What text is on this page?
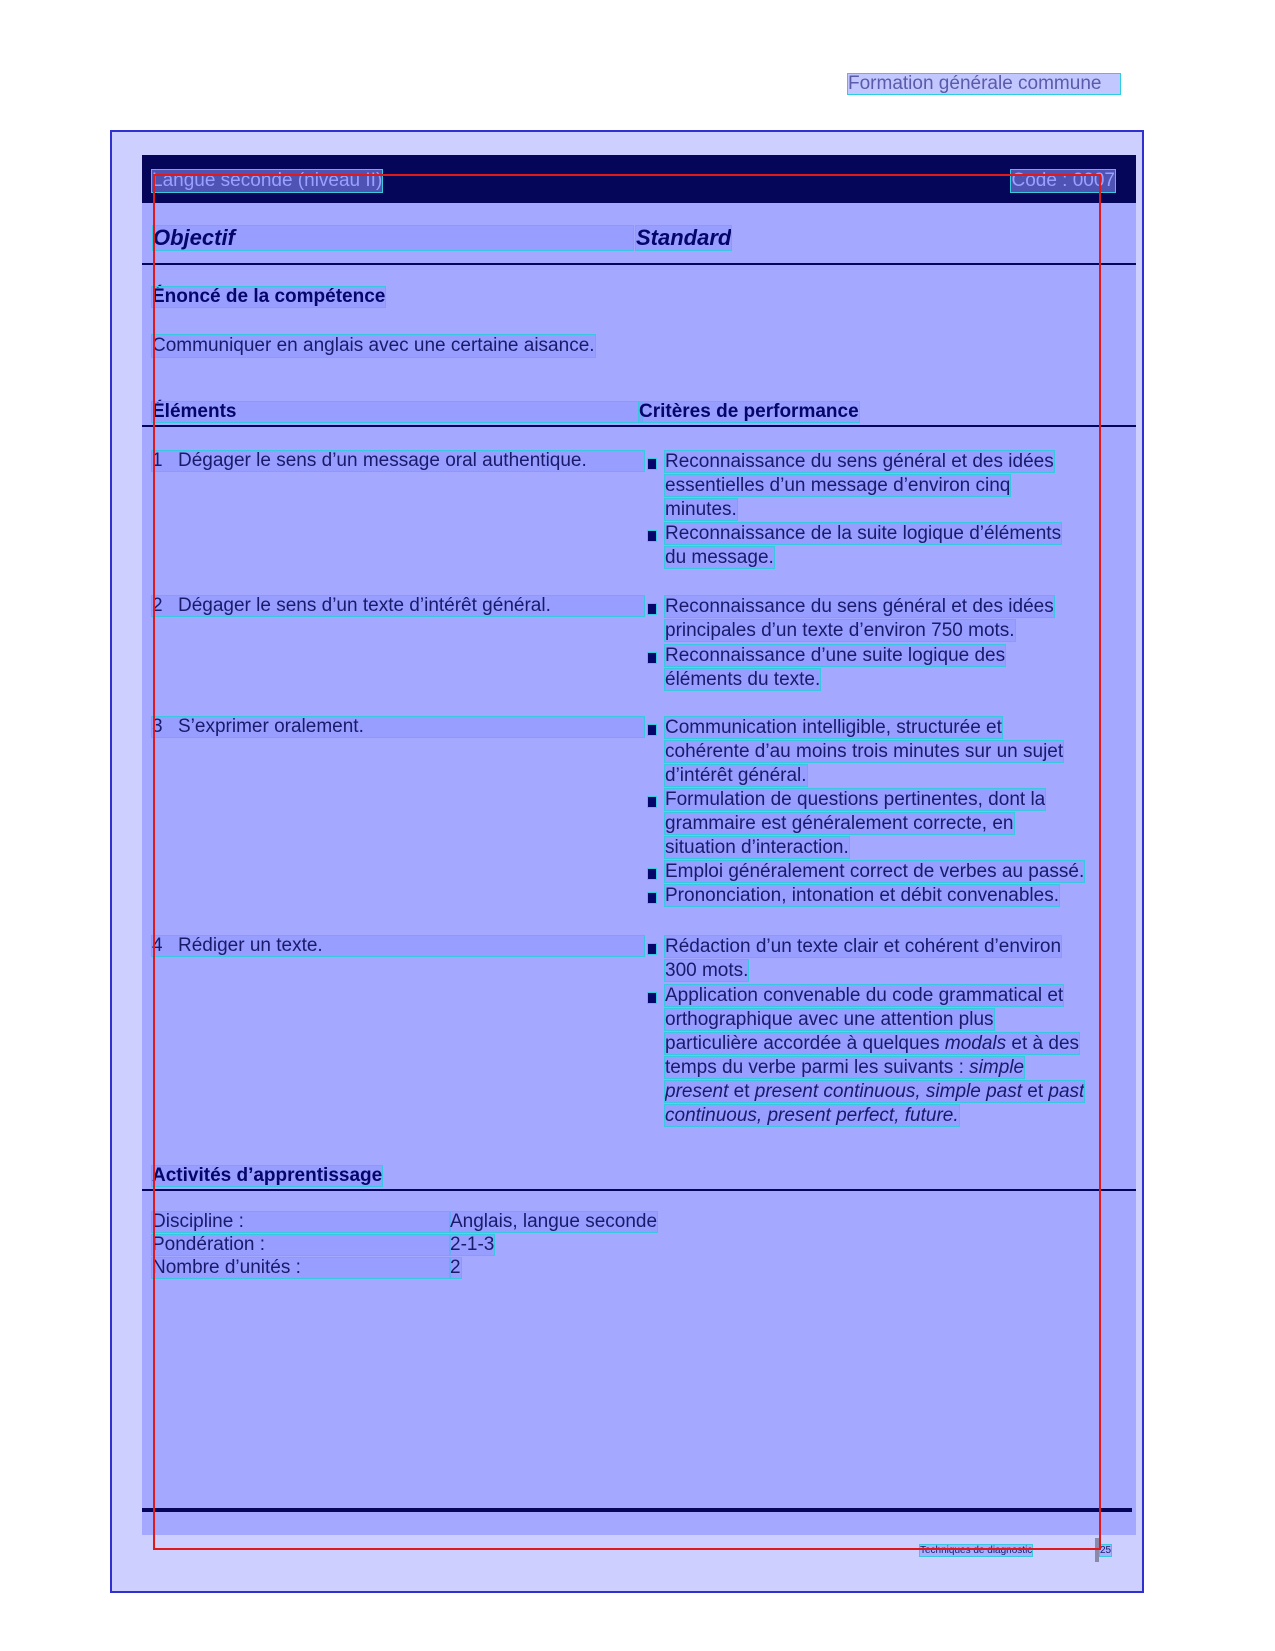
Formation générale commune
Langue seconde (niveau II)	Code : 0007
Objectif	Standard
Énoncé de la compétence
Communiquer en anglais avec une certaine aisance.
Éléments	Critères de performance
1 Dégager le sens d’un message oral authentique.	Reconnaissance du sens général et des idées
essentielles d’un message d’environ cinq
minutes.
Reconnaissance de la suite logique d’éléments
du message.
2 Dégager le sens d’un texte d’intérêt général.	Reconnaissance du sens général et des idées
principales d’un texte d’environ 750 mots.
Reconnaissance d’une suite logique des
éléments du texte.
3 S’exprimer oralement.	Communication intelligible, structurée et
cohérente d’au moins trois minutes sur un sujet
d’intérêt général.
Formulation de questions pertinentes, dont la
grammaire est généralement correcte, en
situation d’interaction.
Emploi généralement correct de verbes au passé.
Prononciation, intonation et débit convenables.
4 Rédiger un texte.	Rédaction d’un texte clair et cohérent d’environ
300 mots.
Application convenable du code grammatical et
orthographique avec une attention plus
particulière accordée à quelques modals et à des
temps du verbe parmi les suivants : simple
present et present continuous, simple past et past
continuous, present perfect, future.
Activités d’apprentissage
Discipline :	Anglais, langue seconde
Pondération :	2-1-3
Nombre d’unités :	2
Techniques de diagnostic	25
